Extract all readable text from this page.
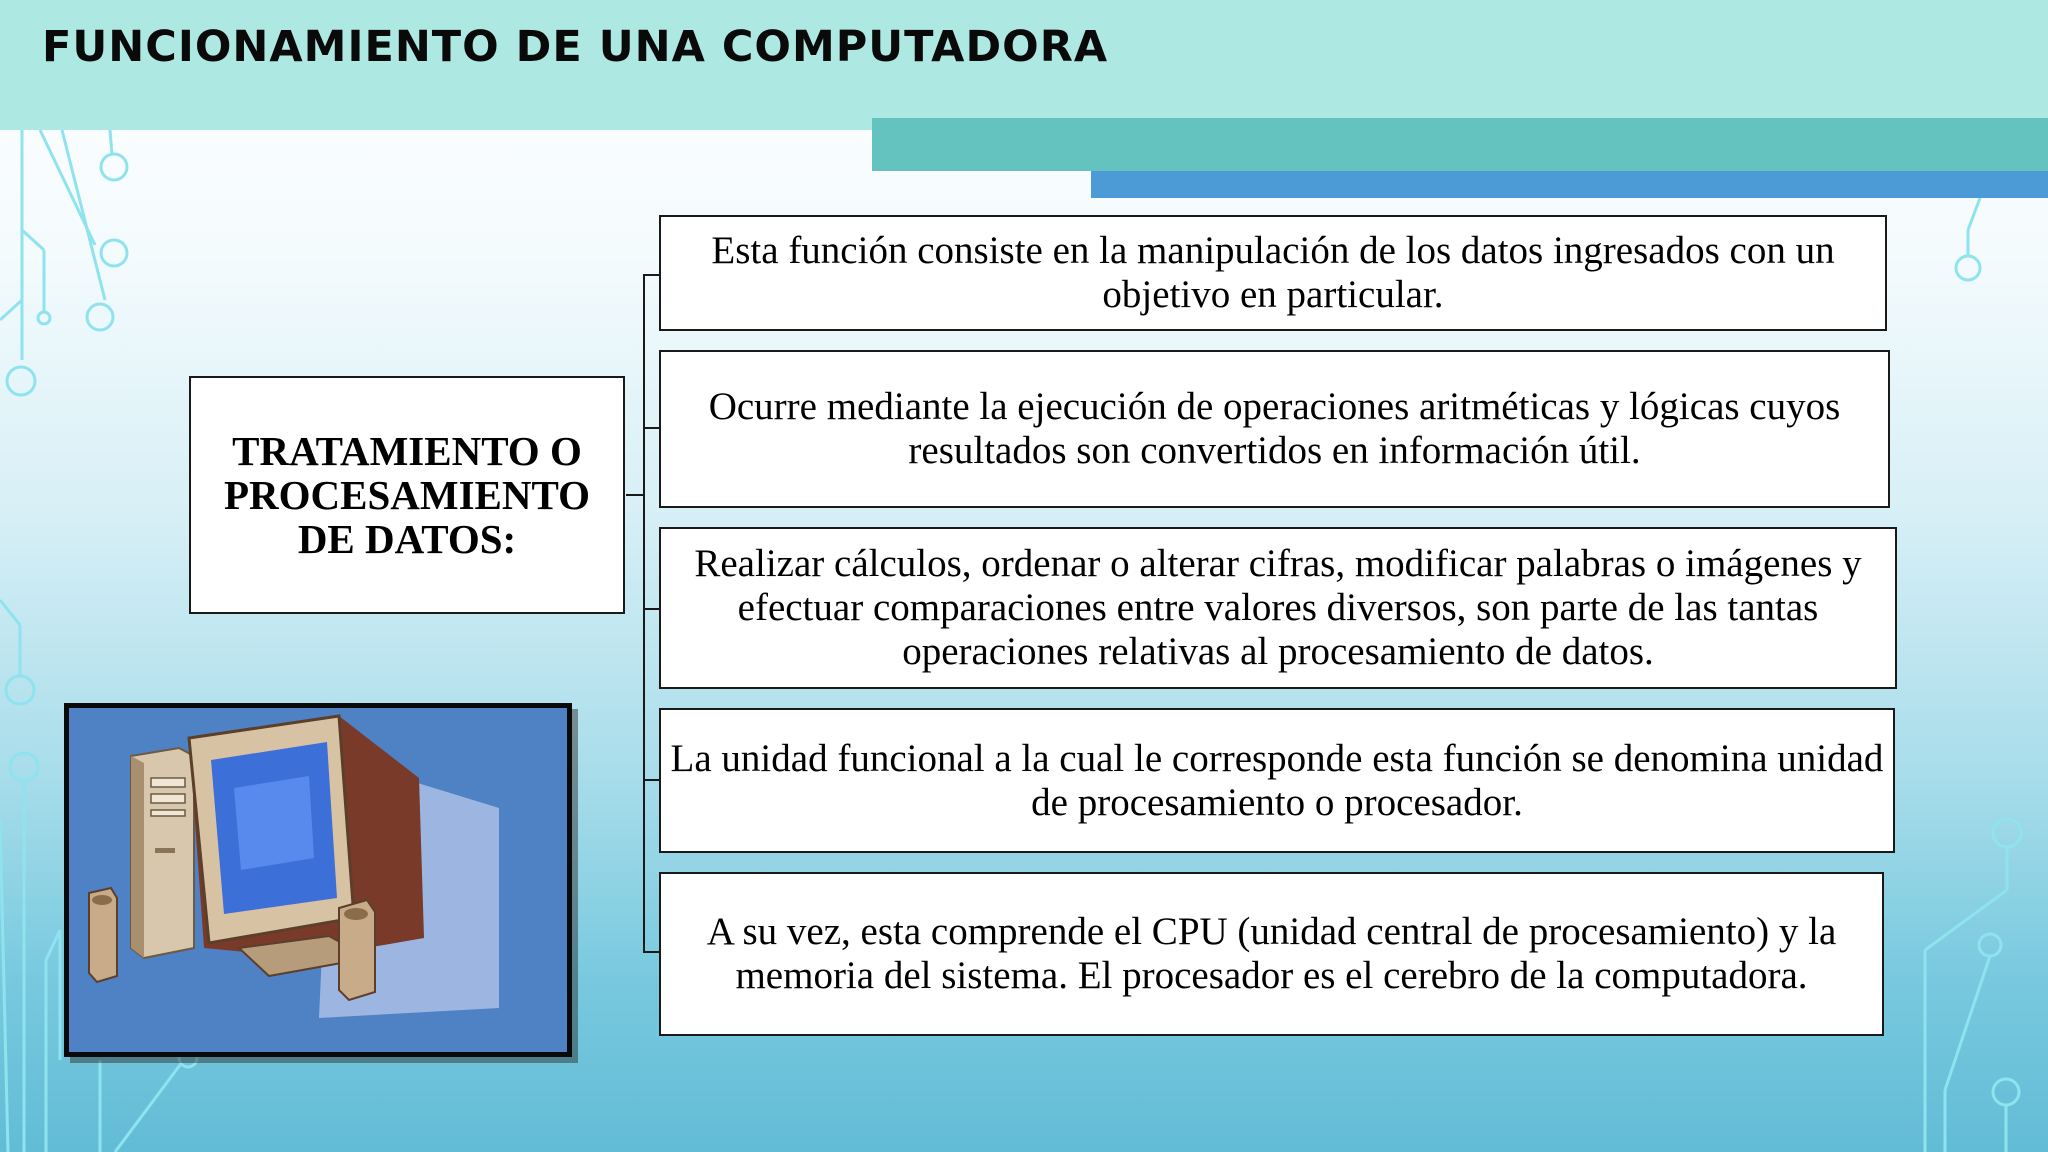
FUNCIONAMIENTO DE UNA COMPUTADORA
TRATAMIENTO O PROCESAMIENTO DE DATOS:
Esta función consiste en la manipulación de los datos ingresados con un objetivo en particular.
Ocurre mediante la ejecución de operaciones aritméticas y lógicas cuyos resultados son convertidos en información útil.
Realizar cálculos, ordenar o alterar cifras, modificar palabras o imágenes y efectuar comparaciones entre valores diversos, son parte de las tantas operaciones relativas al procesamiento de datos.
La unidad funcional a la cual le corresponde esta función se denomina unidad de procesamiento o procesador.
A su vez, esta comprende el CPU (unidad central de procesamiento) y la memoria del sistema. El procesador es el cerebro de la computadora.
